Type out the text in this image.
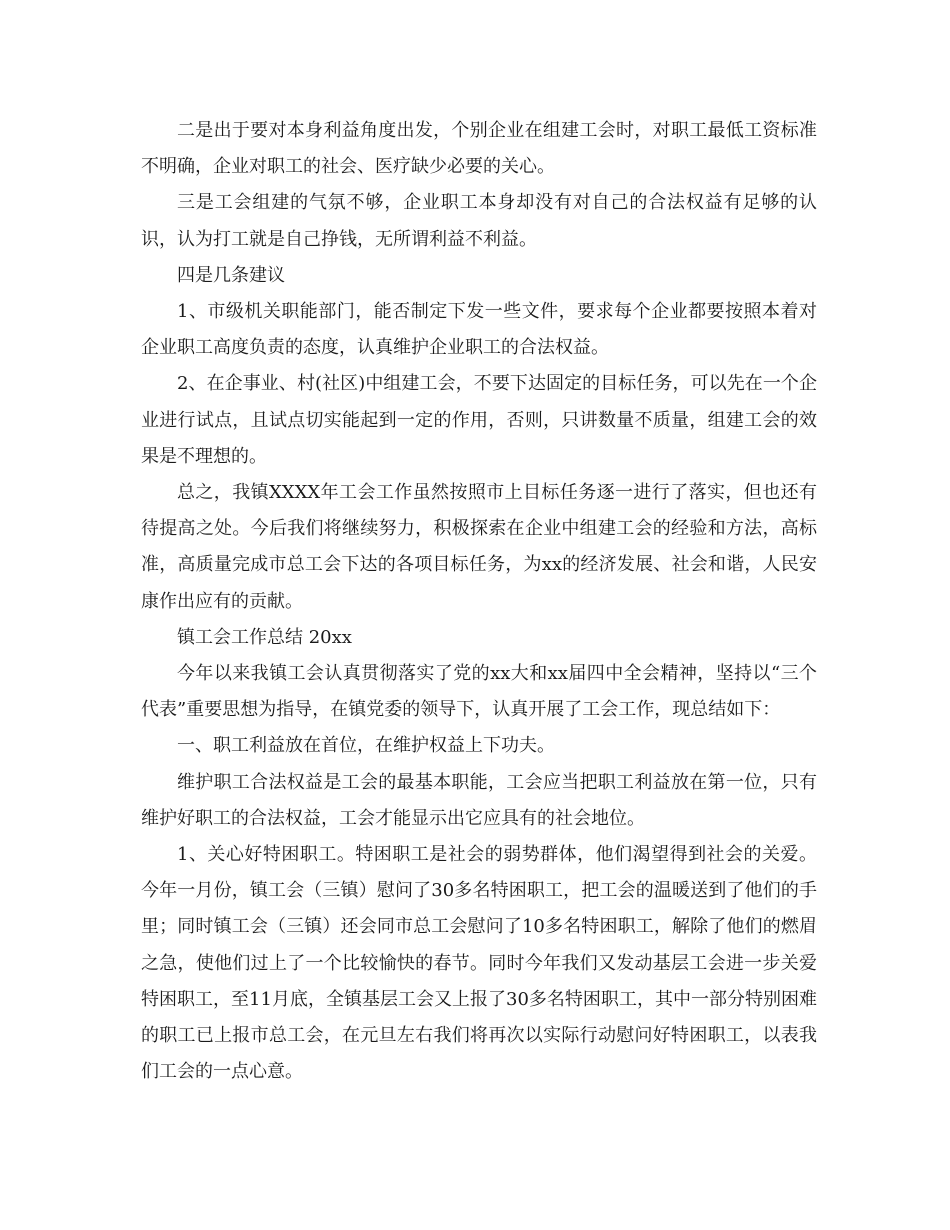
二是出于要对本身利益角度出发，个别企业在组建工会时，对职工最低工资标准不明确，企业对职工的社会、医疗缺少必要的关心。

三是工会组建的气氛不够，企业职工本身却没有对自己的合法权益有足够的认识，认为打工就是自己挣钱，无所谓利益不利益。

四是几条建议

1、市级机关职能部门，能否制定下发一些文件，要求每个企业都要按照本着对企业职工高度负责的态度，认真维护企业职工的合法权益。

2、在企事业、村(社区)中组建工会，不要下达固定的目标任务，可以先在一个企业进行试点，且试点切实能起到一定的作用，否则，只讲数量不质量，组建工会的效果是不理想的。

总之，我镇XXXX年工会工作虽然按照市上目标任务逐一进行了落实，但也还有待提高之处。今后我们将继续努力，积极探索在企业中组建工会的经验和方法，高标准，高质量完成市总工会下达的各项目标任务，为xx的经济发展、社会和谐，人民安康作出应有的贡献。

镇工会工作总结 20xx

今年以来我镇工会认真贯彻落实了党的xx大和xx届四中全会精神，坚持以“三个代表”重要思想为指导，在镇党委的领导下，认真开展了工会工作，现总结如下：

一、职工利益放在首位，在维护权益上下功夫。

维护职工合法权益是工会的最基本职能，工会应当把职工利益放在第一位，只有维护好职工的合法权益，工会才能显示出它应具有的社会地位。

1、关心好特困职工。特困职工是社会的弱势群体，他们渴望得到社会的关爱。今年一月份，镇工会（三镇）慰问了30多名特困职工，把工会的温暖送到了他们的手里；同时镇工会（三镇）还会同市总工会慰问了10多名特困职工，解除了他们的燃眉之急，使他们过上了一个比较愉快的春节。同时今年我们又发动基层工会进一步关爱特困职工，至11月底，全镇基层工会又上报了30多名特困职工，其中一部分特别困难的职工已上报市总工会，在元旦左右我们将再次以实际行动慰问好特困职工，以表我们工会的一点心意。
